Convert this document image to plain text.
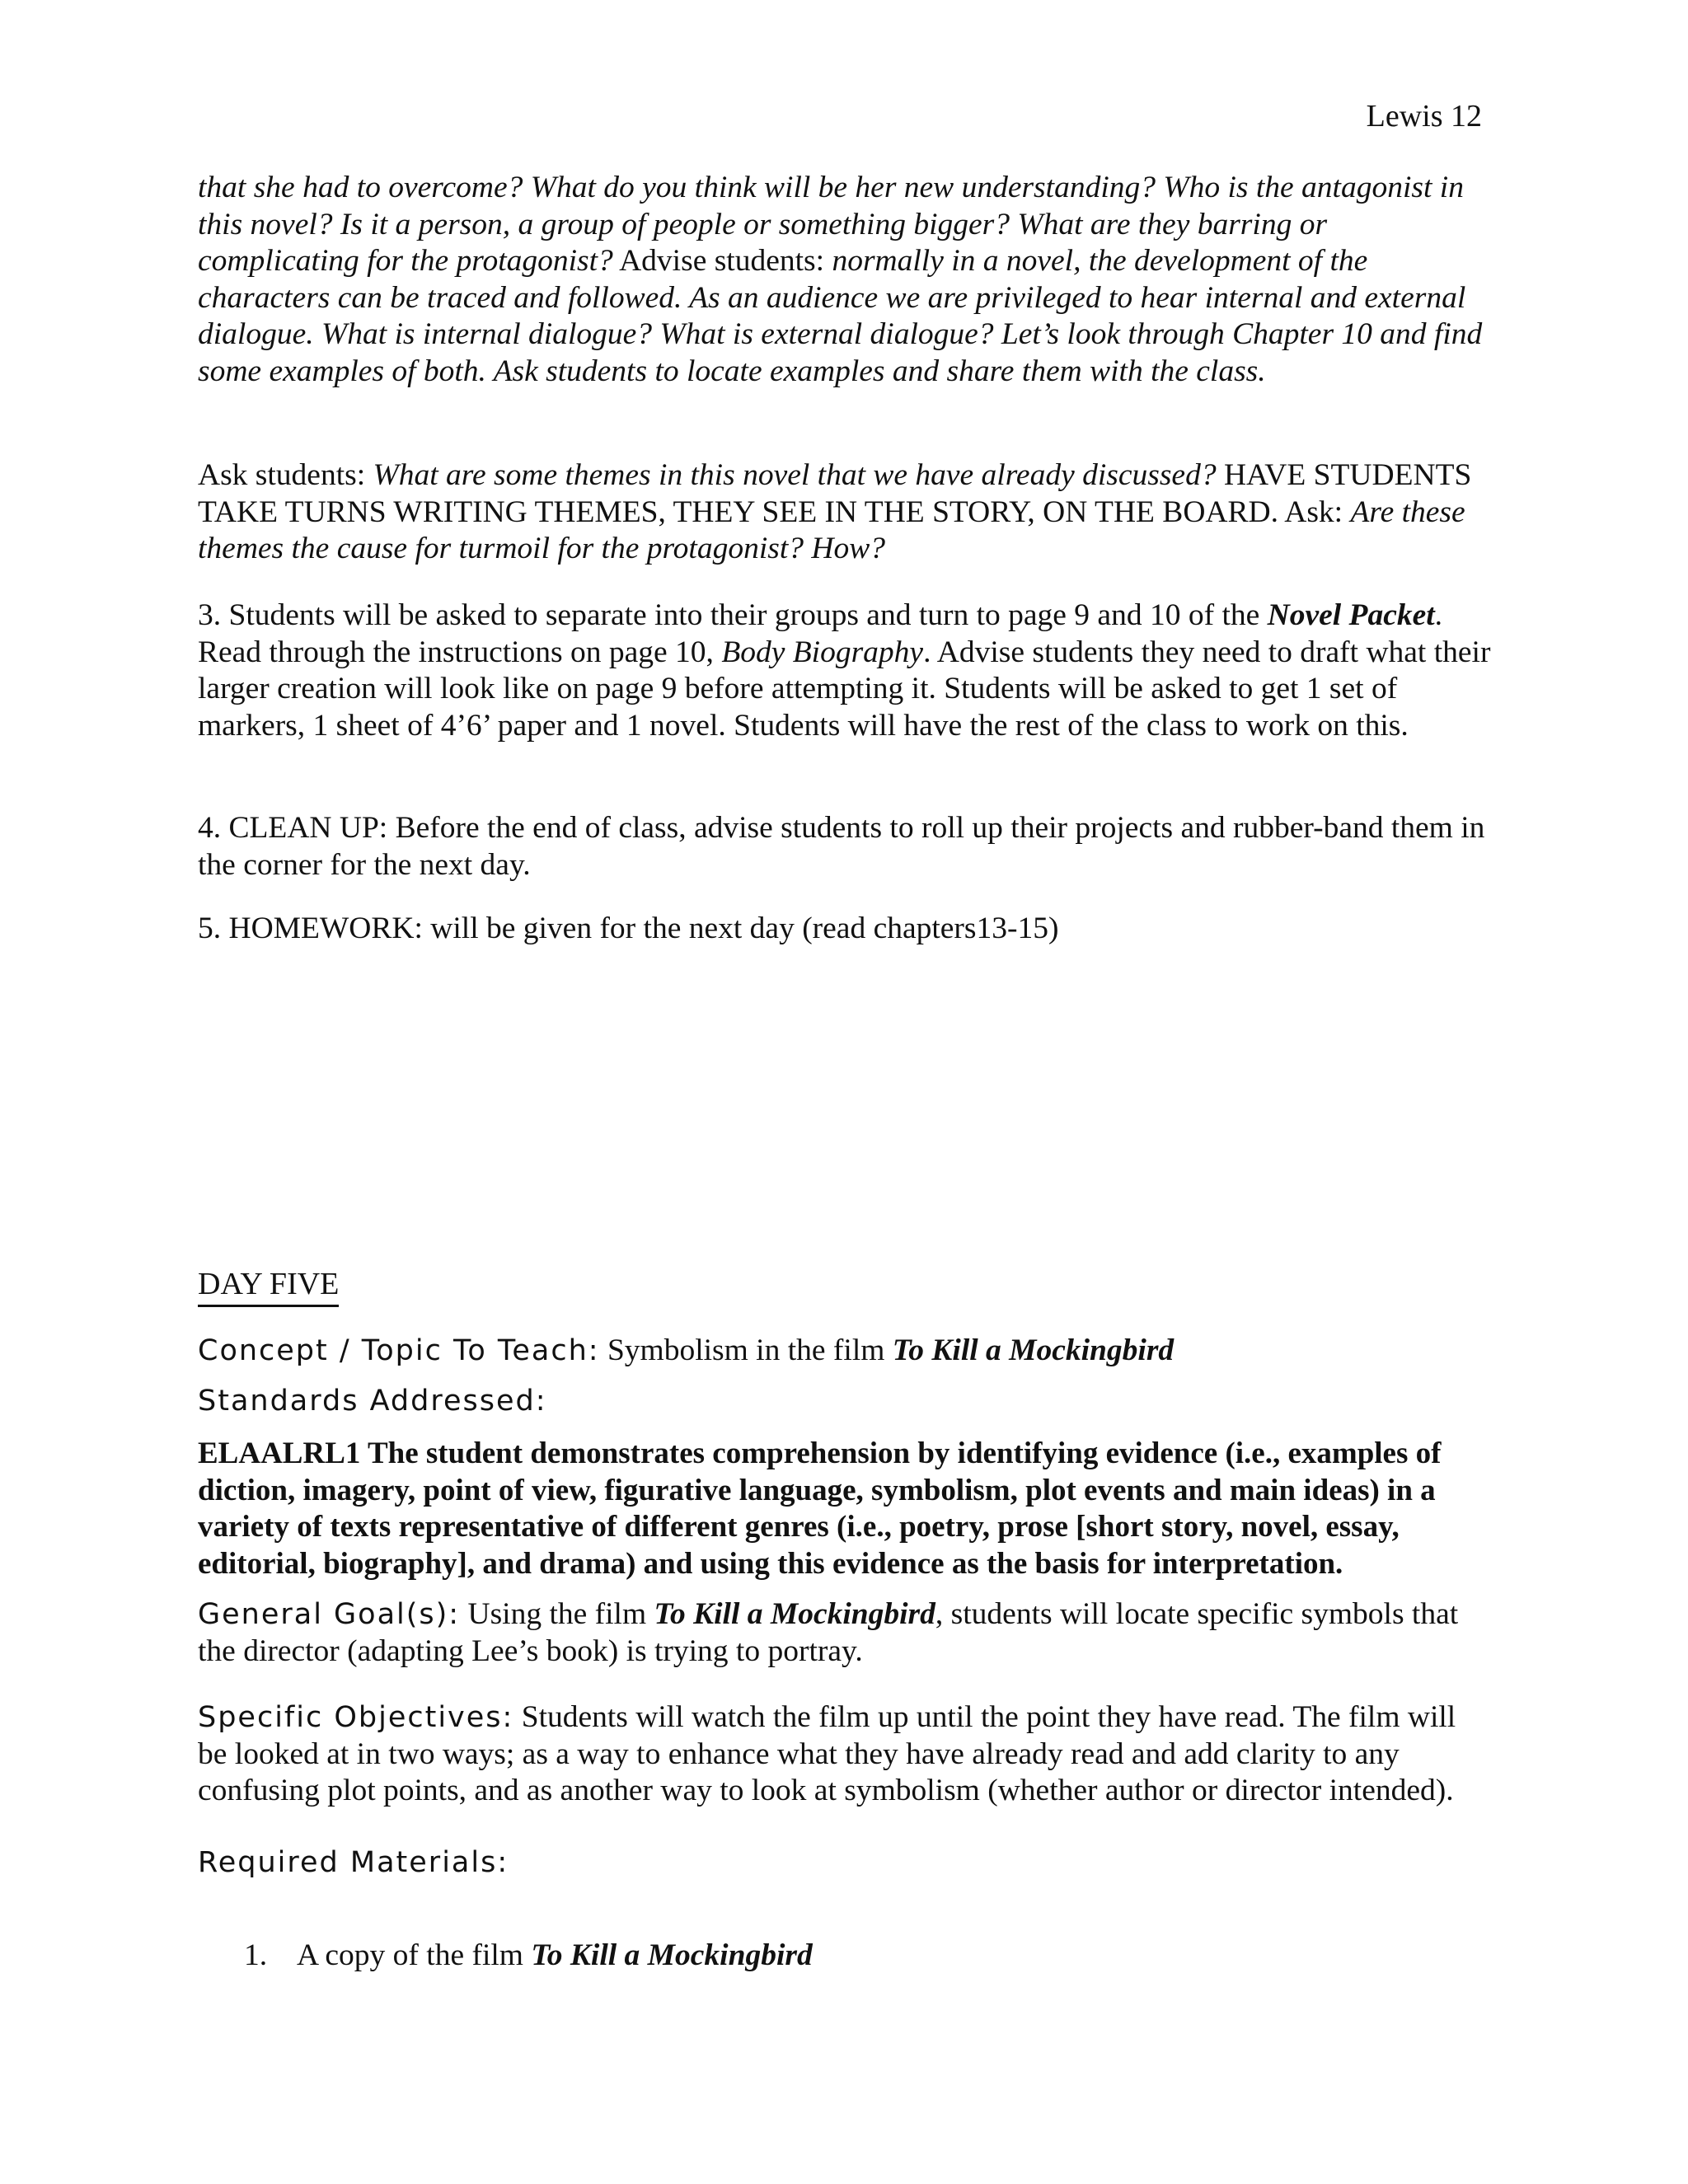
Lewis 12

that she had to overcome? What do you think will be her new understanding? Who is the antagonist in this novel? Is it a person, a group of people or something bigger? What are they barring or complicating for the protagonist? Advise students: normally in a novel, the development of the characters can be traced and followed. As an audience we are privileged to hear internal and external dialogue. What is internal dialogue? What is external dialogue? Let’s look through Chapter 10 and find some examples of both. Ask students to locate examples and share them with the class.

Ask students: What are some themes in this novel that we have already discussed? HAVE STUDENTS TAKE TURNS WRITING THEMES, THEY SEE IN THE STORY, ON THE BOARD. Ask: Are these themes the cause for turmoil for the protagonist? How?

3. Students will be asked to separate into their groups and turn to page 9 and 10 of the Novel Packet. Read through the instructions on page 10, Body Biography. Advise students they need to draft what their larger creation will look like on page 9 before attempting it. Students will be asked to get 1 set of markers, 1 sheet of 4’6’ paper and 1 novel. Students will have the rest of the class to work on this.

4. CLEAN UP: Before the end of class, advise students to roll up their projects and rubber-band them in the corner for the next day.

5. HOMEWORK: will be given for the next day (read chapters13-15)

DAY FIVE

Concept ∕ Topic To Teach: Symbolism in the film To Kill a Mockingbird

Standards Addressed:

ELAALRL1 The student demonstrates comprehension by identifying evidence (i.e., examples of diction, imagery, point of view, figurative language, symbolism, plot events and main ideas) in a variety of texts representative of different genres (i.e., poetry, prose [short story, novel, essay, editorial, biography], and drama) and using this evidence as the basis for interpretation.

General Goal(s): Using the film To Kill a Mockingbird, students will locate specific symbols that the director (adapting Lee’s book) is trying to portray.

Specific Objectives: Students will watch the film up until the point they have read. The film will be looked at in two ways; as a way to enhance what they have already read and add clarity to any confusing plot points, and as another way to look at symbolism (whether author or director intended).

Required Materials:

1. A copy of the film To Kill a Mockingbird
